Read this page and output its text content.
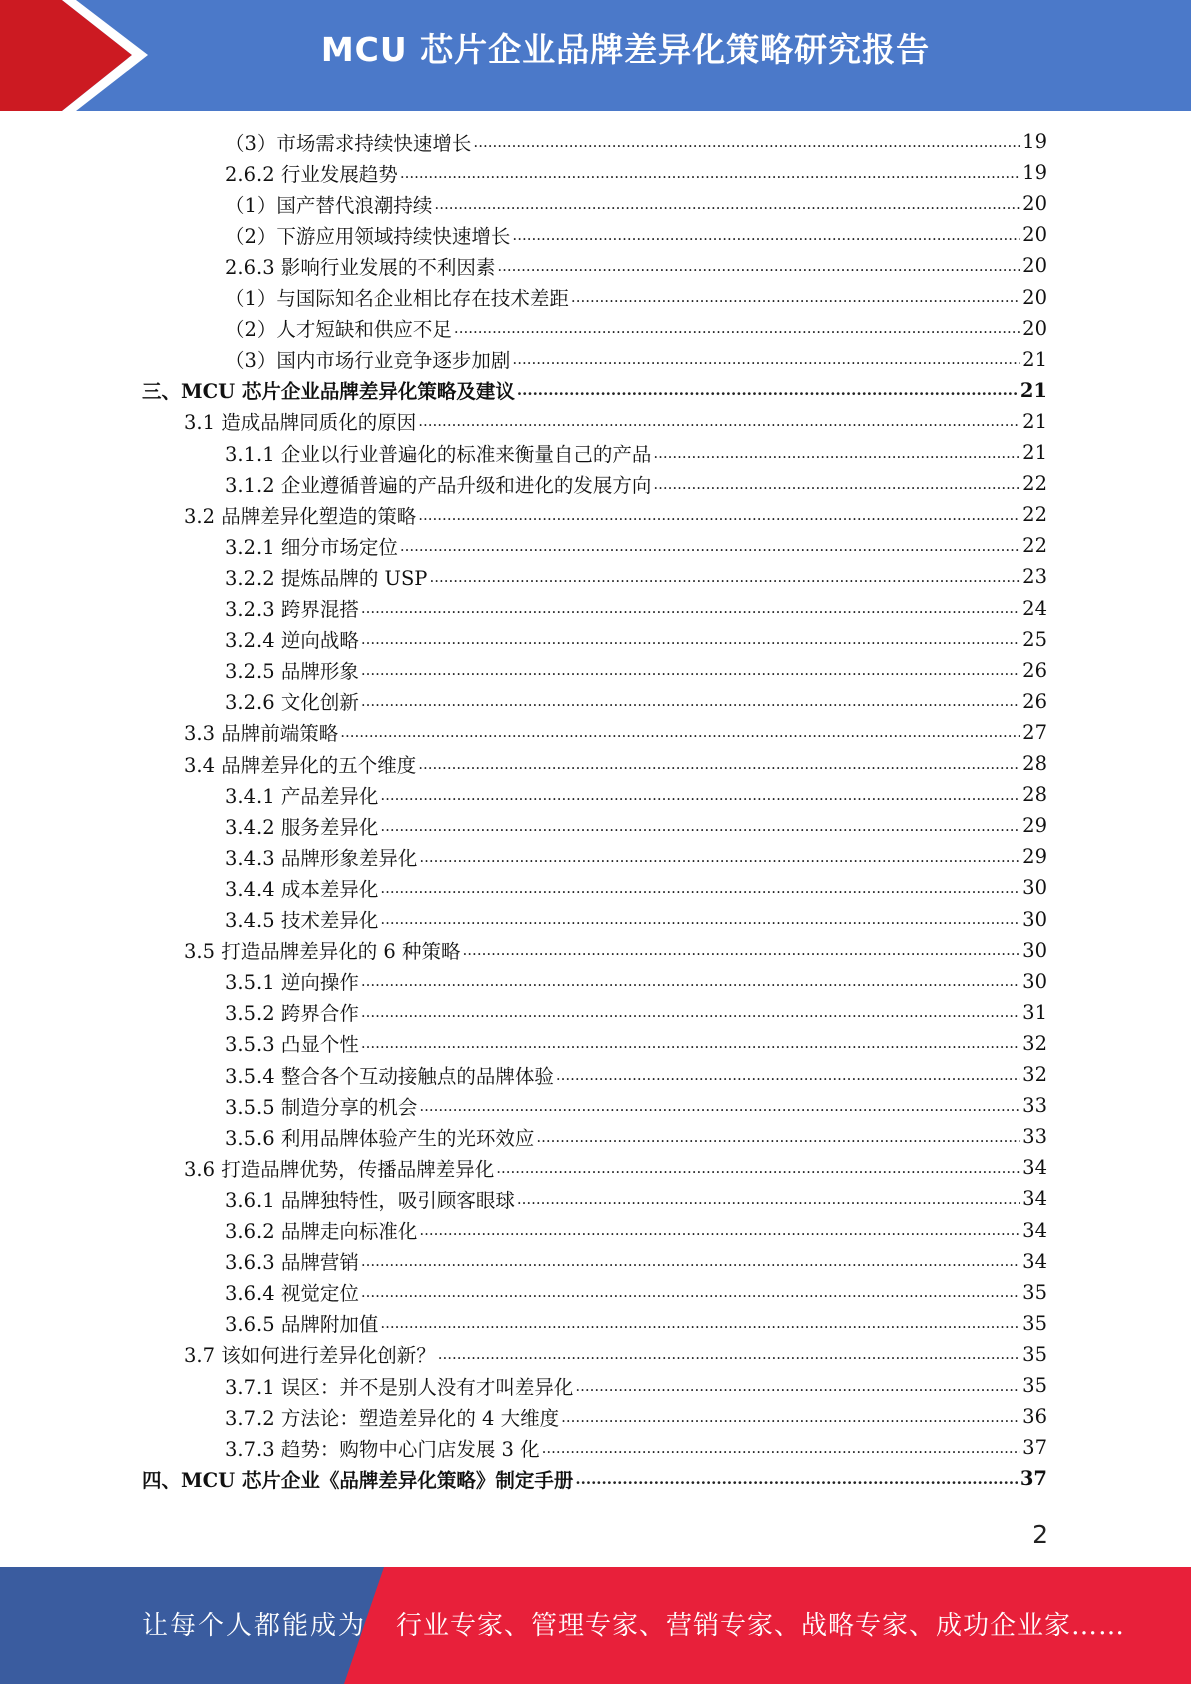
MCU 芯片企业品牌差异化策略研究报告
（3）市场需求持续快速增长 .....	19
2.6.2 行业发展趋势 .....	19
（1）国产替代浪潮持续 .....	20
（2）下游应用领域持续快速增长 .....	20
2.6.3 影响行业发展的不利因素 .....	20
（1）与国际知名企业相比存在技术差距 .....	20
（2）人才短缺和供应不足 .....	20
（3）国内市场行业竞争逐步加剧 .....	21
三、MCU 芯片企业品牌差异化策略及建议 .....	21
3.1 造成品牌同质化的原因 .....	21
3.1.1 企业以行业普遍化的标准来衡量自己的产品 .....	21
3.1.2 企业遵循普遍的产品升级和进化的发展方向 .....	22
3.2 品牌差异化塑造的策略 .....	22
3.2.1 细分市场定位 .....	22
3.2.2 提炼品牌的 USP .....	23
3.2.3 跨界混搭 .....	24
3.2.4 逆向战略 .....	25
3.2.5 品牌形象 .....	26
3.2.6 文化创新 .....	26
3.3 品牌前端策略 .....	27
3.4 品牌差异化的五个维度 .....	28
3.4.1 产品差异化 .....	28
3.4.2 服务差异化 .....	29
3.4.3 品牌形象差异化 .....	29
3.4.4 成本差异化 .....	30
3.4.5 技术差异化 .....	30
3.5 打造品牌差异化的 6 种策略 .....	30
3.5.1 逆向操作 .....	30
3.5.2 跨界合作 .....	31
3.5.3 凸显个性 .....	32
3.5.4 整合各个互动接触点的品牌体验 .....	32
3.5.5 制造分享的机会 .....	33
3.5.6 利用品牌体验产生的光环效应 .....	33
3.6 打造品牌优势，传播品牌差异化 .....	34
3.6.1 品牌独特性，吸引顾客眼球 .....	34
3.6.2 品牌走向标准化 .....	34
3.6.3 品牌营销 .....	34
3.6.4 视觉定位 .....	35
3.6.5 品牌附加值 .....	35
3.7 该如何进行差异化创新？ .....	35
3.7.1 误区：并不是别人没有才叫差异化 .....	35
3.7.2 方法论：塑造差异化的 4 大维度 .....	36
3.7.3 趋势：购物中心门店发展 3 化 .....	37
四、MCU 芯片企业《品牌差异化策略》制定手册 .....	37
2
让每个人都能成为 行业专家、管理专家、营销专家、战略专家、成功企业家……
